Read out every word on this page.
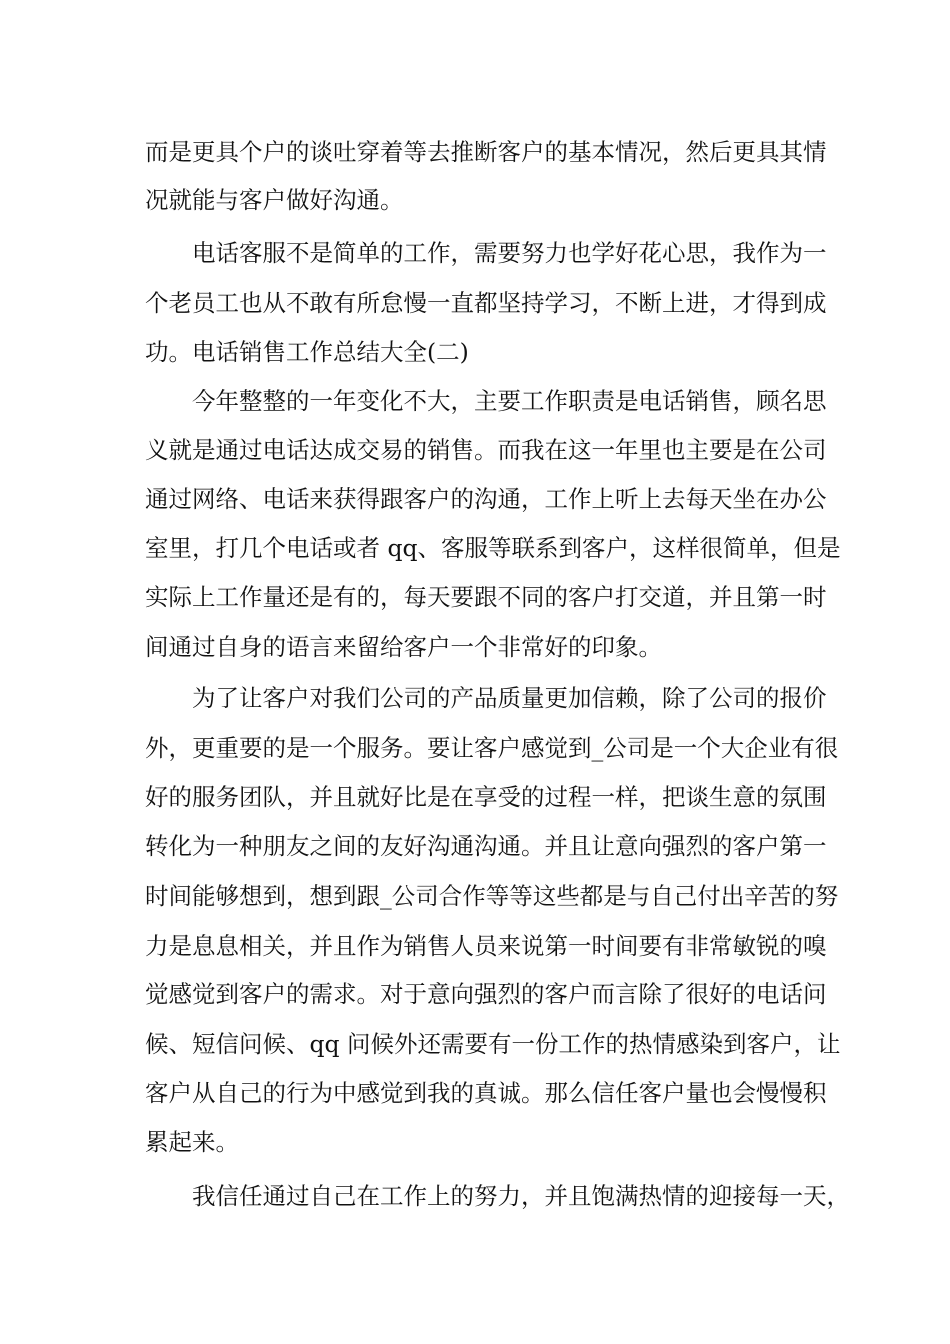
而是更具个户的谈吐穿着等去推断客户的基本情况，然后更具其情
况就能与客户做好沟通。
电话客服不是简单的工作，需要努力也学好花心思，我作为一
个老员工也从不敢有所怠慢一直都坚持学习，不断上进，才得到成
功。电话销售工作总结大全(二)
今年整整的一年变化不大，主要工作职责是电话销售，顾名思
义就是通过电话达成交易的销售。而我在这一年里也主要是在公司
通过网络、电话来获得跟客户的沟通，工作上听上去每天坐在办公
室里，打几个电话或者 qq、客服等联系到客户，这样很简单，但是
实际上工作量还是有的，每天要跟不同的客户打交道，并且第一时
间通过自身的语言来留给客户一个非常好的印象。
为了让客户对我们公司的产品质量更加信赖，除了公司的报价
外，更重要的是一个服务。要让客户感觉到_公司是一个大企业有很
好的服务团队，并且就好比是在享受的过程一样，把谈生意的氛围
转化为一种朋友之间的友好沟通沟通。并且让意向强烈的客户第一
时间能够想到，想到跟_公司合作等等这些都是与自己付出辛苦的努
力是息息相关，并且作为销售人员来说第一时间要有非常敏锐的嗅
觉感觉到客户的需求。对于意向强烈的客户而言除了很好的电话问
候、短信问候、qq 问候外还需要有一份工作的热情感染到客户，让
客户从自己的行为中感觉到我的真诚。那么信任客户量也会慢慢积
累起来。
我信任通过自己在工作上的努力，并且饱满热情的迎接每一天，
